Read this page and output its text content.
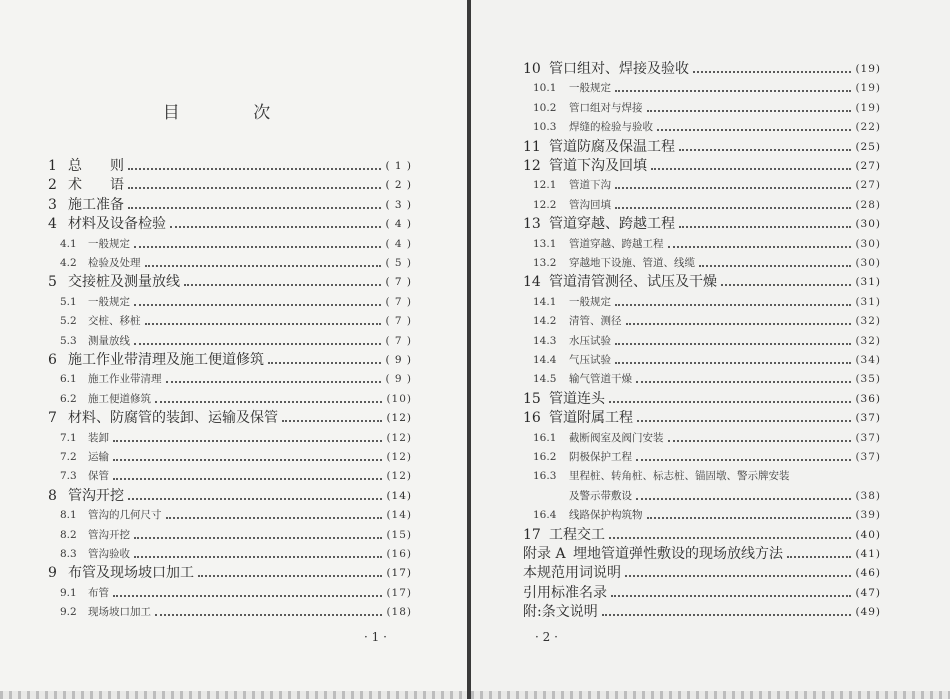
目 次
1 总　　则	( 1 )
2 术　　语	( 2 )
3 施工准备	( 3 )
4 材料及设备检验	( 4 )
4.1	一般规定	( 4 )
4.2	检验及处理	( 5 )
5 交接桩及测量放线	( 7 )
5.1	一般规定	( 7 )
5.2	交桩、移桩	( 7 )
5.3	测量放线	( 7 )
6 施工作业带清理及施工便道修筑	( 9 )
6.1	施工作业带清理	( 9 )
6.2	施工便道修筑	(10)
7 材料、防腐管的装卸、运输及保管	(12)
7.1	装卸	(12)
7.2	运输	(12)
7.3	保管	(12)
8 管沟开挖	(14)
8.1	管沟的几何尺寸	(14)
8.2	管沟开挖	(15)
8.3	管沟验收	(16)
9 布管及现场坡口加工	(17)
9.1	布管	(17)
9.2	现场坡口加工	(18)
· 1 ·
10 管口组对、焊接及验收	(19)
10.1	一般规定	(19)
10.2	管口组对与焊接	(19)
10.3	焊缝的检验与验收	(22)
11 管道防腐及保温工程	(25)
12 管道下沟及回填	(27)
12.1	管道下沟	(27)
12.2	管沟回填	(28)
13 管道穿越、跨越工程	(30)
13.1	管道穿越、跨越工程	(30)
13.2	穿越地下设施、管道、线缆	(30)
14 管道清管测径、试压及干燥	(31)
14.1	一般规定	(31)
14.2	清管、测径	(32)
14.3	水压试验	(32)
14.4	气压试验	(34)
14.5	输气管道干燥	(35)
15 管道连头	(36)
16 管道附属工程	(37)
16.1	截断阀室及阀门安装	(37)
16.2	阴极保护工程	(37)
16.3	里程桩、转角桩、标志桩、锚固墩、警示牌安装
及警示带敷设	(38)
16.4	线路保护构筑物	(39)
17 工程交工	(40)
附录 A 埋地管道弹性敷设的现场放线方法	(41)
本规范用词说明	(46)
引用标准名录	(47)
附:条文说明	(49)
· 2 ·
